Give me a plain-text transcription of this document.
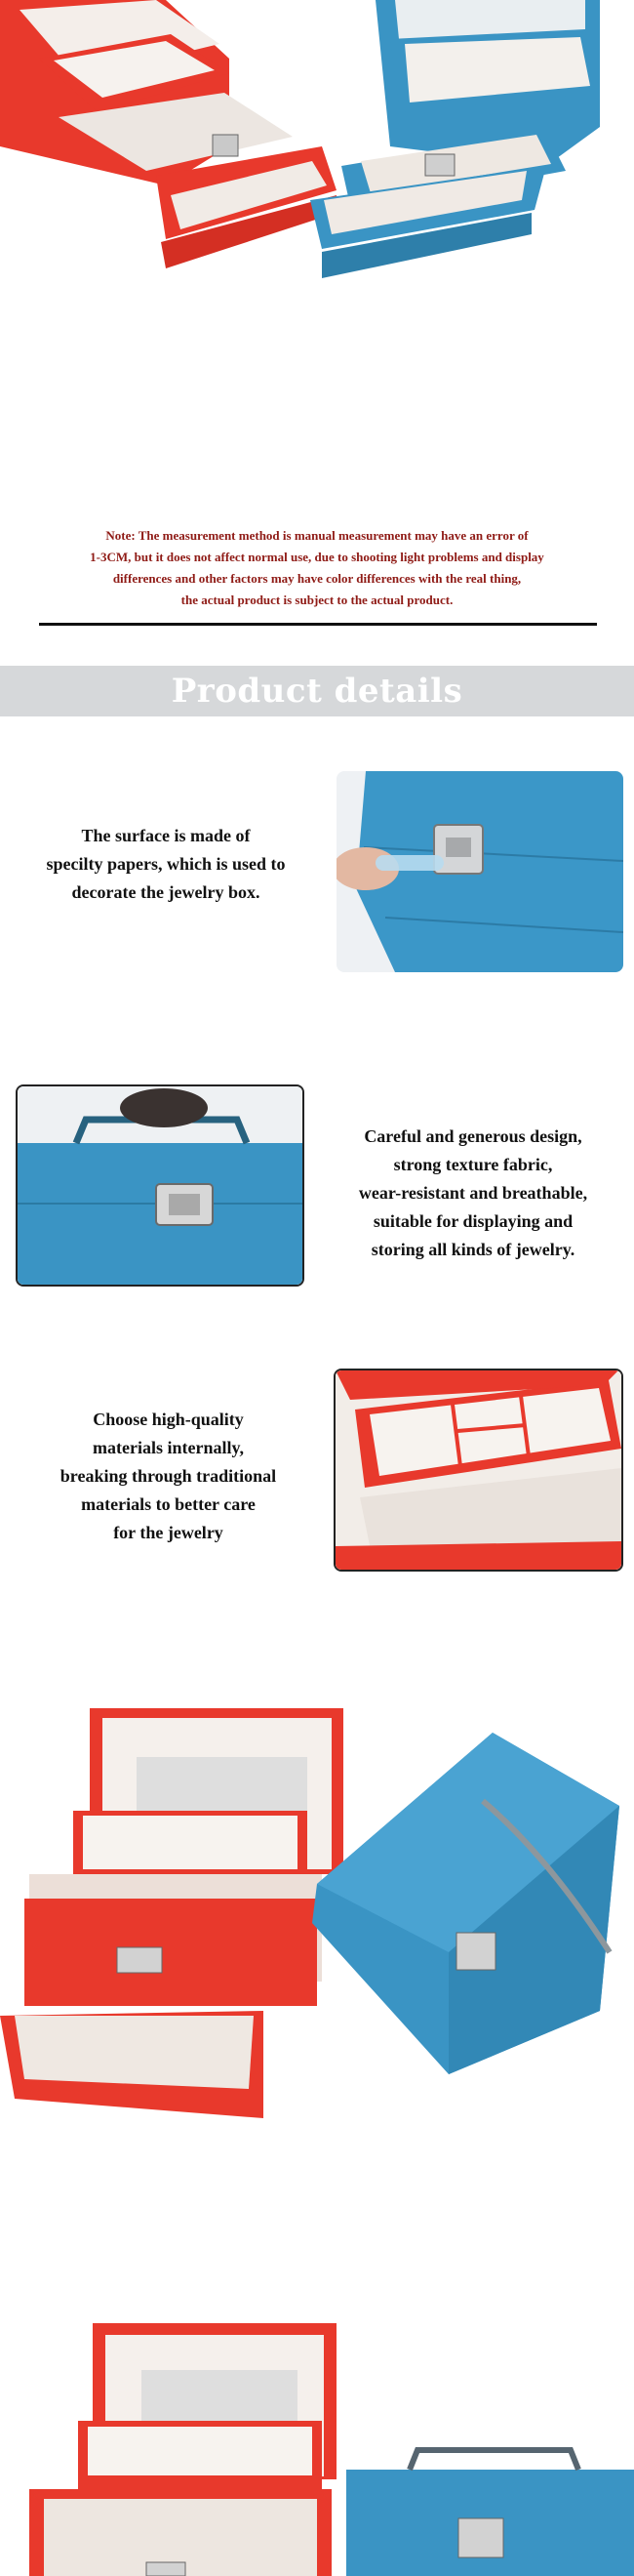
Note: The measurement method is manual measurement may have an error of
1-3CM, but it does not affect normal use, due to shooting light problems and display
differences and other factors may have color differences with the real thing,
the actual product is subject to the actual product.
Product details
The surface is made of
specilty papers, which is used to
decorate the jewelry box.
Careful and generous design,
strong texture fabric,
wear-resistant and breathable,
suitable for displaying and
storing all kinds of jewelry.
Choose high-quality
materials internally,
breaking through traditional
materials to better care
for the jewelry
